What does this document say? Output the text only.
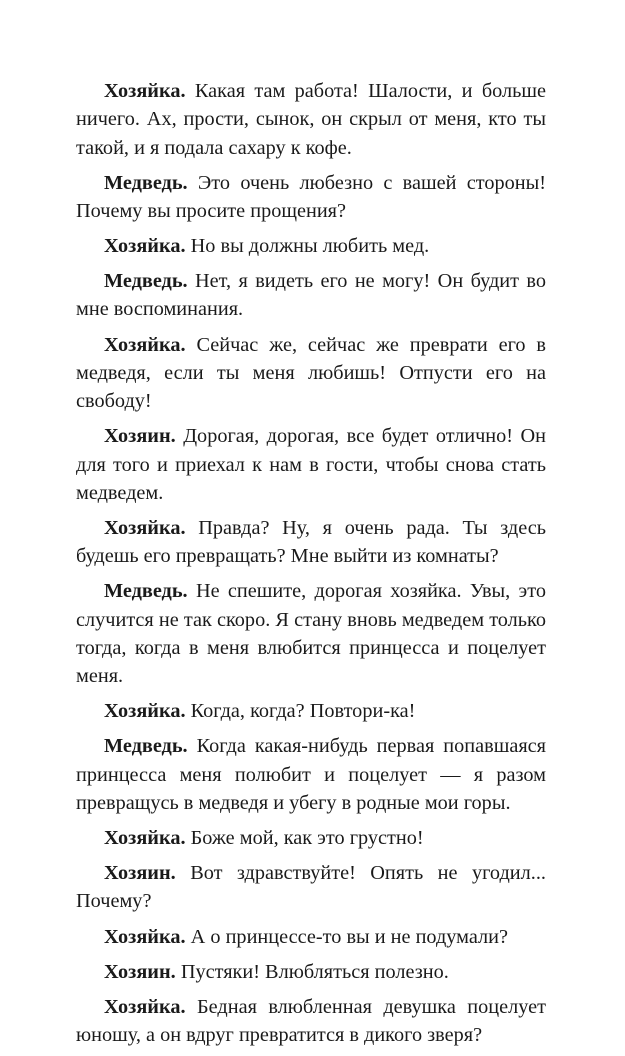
Хозяйка. Какая там работа! Шалости, и больше ничего. Ах, прости, сынок, он скрыл от меня, кто ты такой, и я подала сахару к кофе.

Медведь. Это очень любезно с вашей стороны! Почему вы просите прощения?

Хозяйка. Но вы должны любить мед.

Медведь. Нет, я видеть его не могу! Он будит во мне воспоминания.

Хозяйка. Сейчас же, сейчас же преврати его в медведя, если ты меня любишь! Отпусти его на свободу!

Хозяин. Дорогая, дорогая, все будет отлично! Он для того и приехал к нам в гости, чтобы снова стать медведем.

Хозяйка. Правда? Ну, я очень рада. Ты здесь будешь его превращать? Мне выйти из комнаты?

Медведь. Не спешите, дорогая хозяйка. Увы, это случится не так скоро. Я стану вновь медведем только тогда, когда в меня влюбится принцесса и поцелует меня.

Хозяйка. Когда, когда? Повтори-ка!

Медведь. Когда какая-нибудь первая попавшаяся принцесса меня полюбит и поцелует — я разом превращусь в медведя и убегу в родные мои горы.

Хозяйка. Боже мой, как это грустно!

Хозяин. Вот здравствуйте! Опять не угодил... Почему?

Хозяйка. А о принцессе-то вы и не подумали?

Хозяин. Пустяки! Влюбляться полезно.

Хозяйка. Бедная влюбленная девушка поцелует юношу, а он вдруг превратится в дикого зверя?
